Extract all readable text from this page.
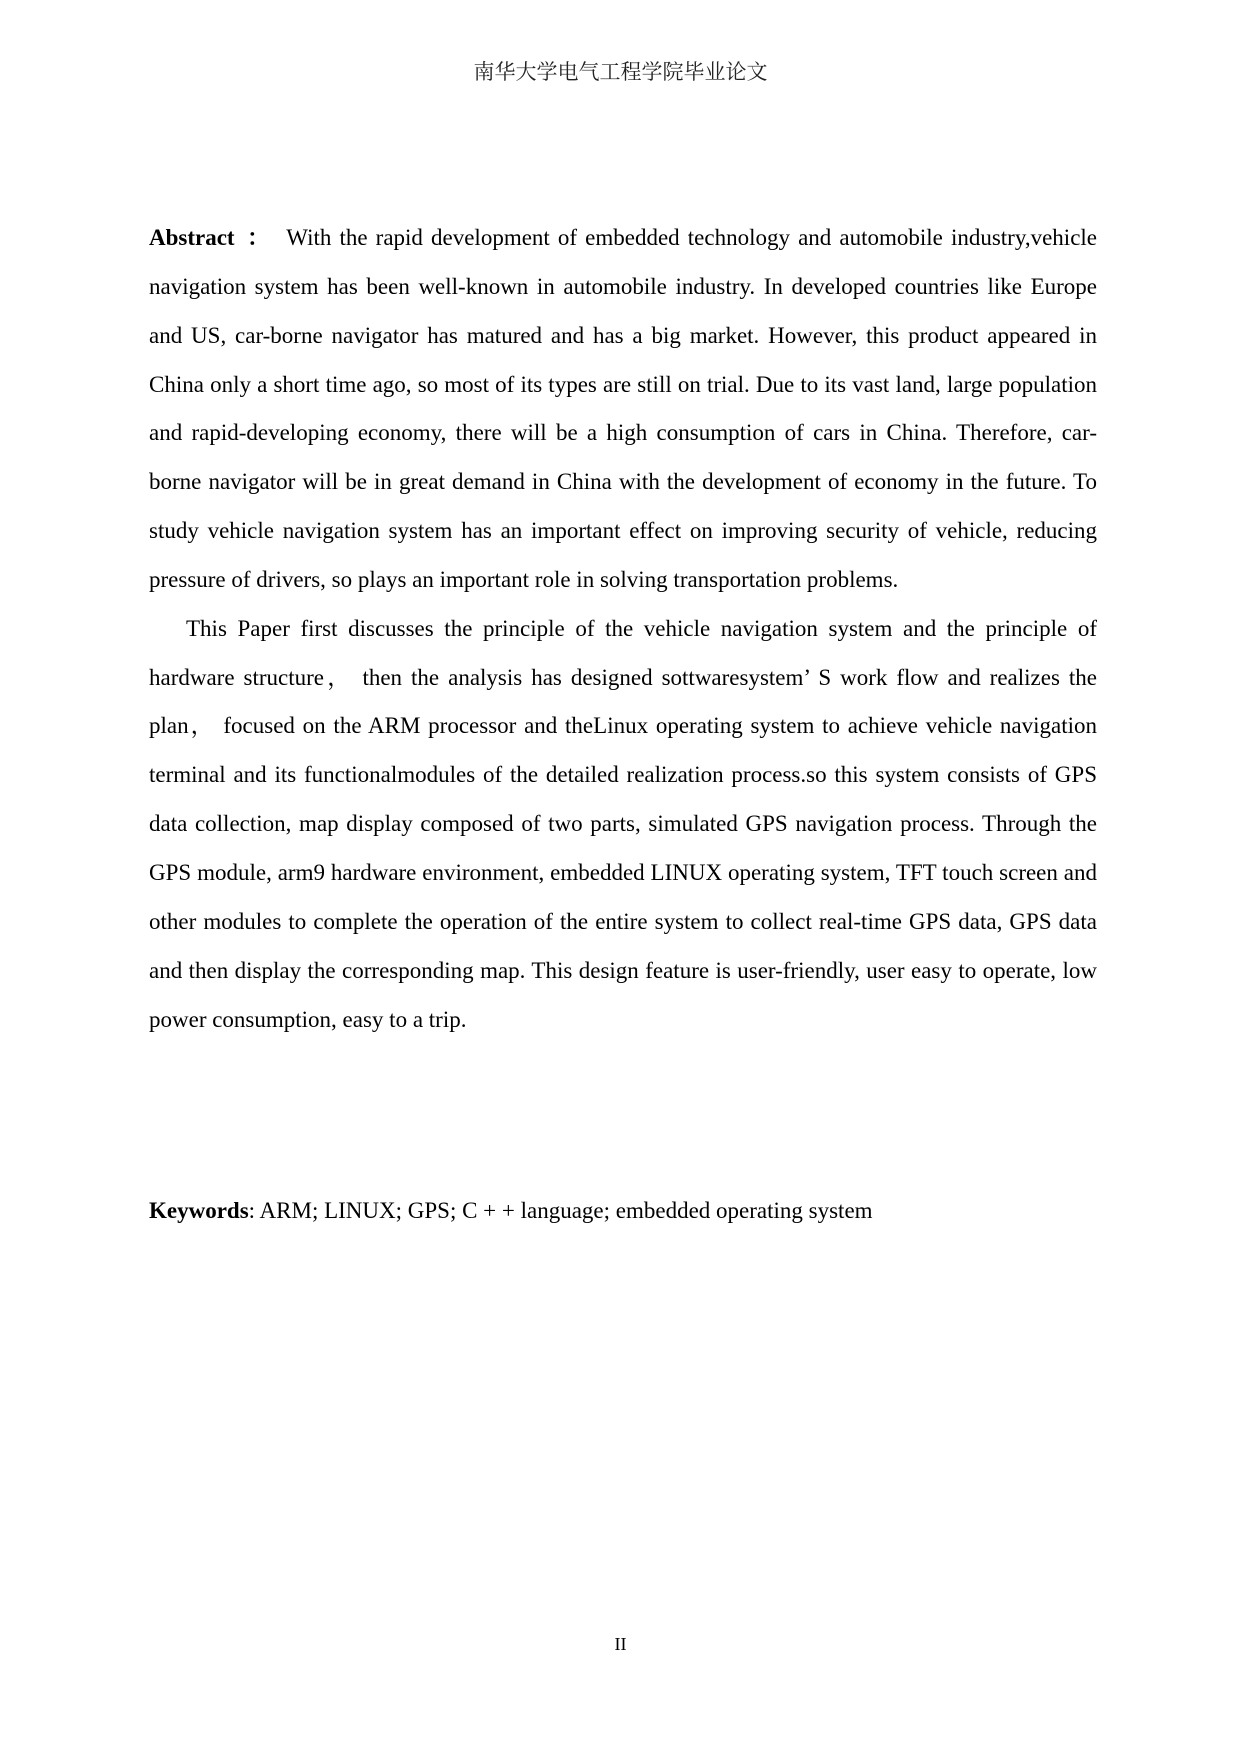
南华大学电气工程学院毕业论文

Abstract ： With the rapid development of embedded technology and automobile industry,vehicle navigation system has been well-known in automobile industry. In developed countries like Europe and US, car-borne navigator has matured and has a big market. However, this product appeared in China only a short time ago, so most of its types are still on trial. Due to its vast land, large population and rapid-developing economy, there will be a high consumption of cars in China. Therefore, car-borne navigator will be in great demand in China with the development of economy in the future. To study vehicle navigation system has an important effect on improving security of vehicle, reducing pressure of drivers, so plays an important role in solving transportation problems.

This Paper first discusses the principle of the vehicle navigation system and the principle of hardware structure， then the analysis has designed sottwaresystem’ S work flow and realizes the plan， focused on the ARM processor and theLinux operating system to achieve vehicle navigation terminal and its functionalmodules of the detailed realization process.so this system consists of GPS data collection, map display composed of two parts, simulated GPS navigation process. Through the GPS module, arm9 hardware environment, embedded LINUX operating system, TFT touch screen and other modules to complete the operation of the entire system to collect real-time GPS data, GPS data and then display the corresponding map. This design feature is user-friendly, user easy to operate, low power consumption, easy to a trip.

Keywords: ARM; LINUX; GPS; C + + language; embedded operating system

II
